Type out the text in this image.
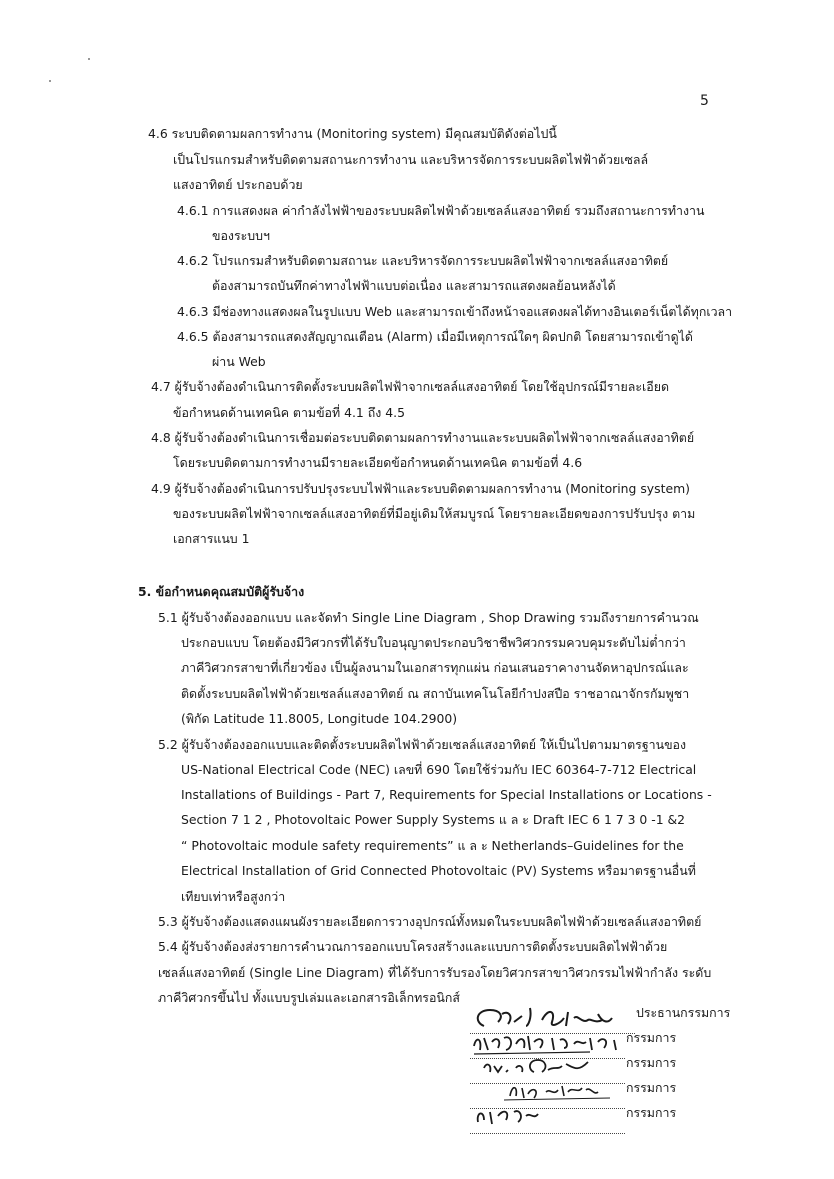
5
4.6 ระบบติดตามผลการทำงาน (Monitoring system) มีคุณสมบัติดังต่อไปนี้
เป็นโปรแกรมสำหรับติดตามสถานะการทำงาน และบริหารจัดการระบบผลิตไฟฟ้าด้วยเซลล์
แสงอาทิตย์ ประกอบด้วย
4.6.1 การแสดงผล ค่ากำลังไฟฟ้าของระบบผลิตไฟฟ้าด้วยเซลล์แสงอาทิตย์ รวมถึงสถานะการทำงาน
ของระบบฯ
4.6.2 โปรแกรมสำหรับติดตามสถานะ และบริหารจัดการระบบผลิตไฟฟ้าจากเซลล์แสงอาทิตย์
ต้องสามารถบันทึกค่าทางไฟฟ้าแบบต่อเนื่อง และสามารถแสดงผลย้อนหลังได้
4.6.3 มีช่องทางแสดงผลในรูปแบบ Web และสามารถเข้าถึงหน้าจอแสดงผลได้ทางอินเตอร์เน็ตได้ทุกเวลา
4.6.5 ต้องสามารถแสดงสัญญาณเตือน (Alarm) เมื่อมีเหตุการณ์ใดๆ ผิดปกติ โดยสามารถเข้าดูได้
ผ่าน Web
4.7 ผู้รับจ้างต้องดำเนินการติดตั้งระบบผลิตไฟฟ้าจากเซลล์แสงอาทิตย์ โดยใช้อุปกรณ์มีรายละเอียด
ข้อกำหนดด้านเทคนิค ตามข้อที่ 4.1 ถึง 4.5
4.8 ผู้รับจ้างต้องดำเนินการเชื่อมต่อระบบติดตามผลการทำงานและระบบผลิตไฟฟ้าจากเซลล์แสงอาทิตย์
โดยระบบติดตามการทำงานมีรายละเอียดข้อกำหนดด้านเทคนิค ตามข้อที่ 4.6
4.9 ผู้รับจ้างต้องดำเนินการปรับปรุงระบบไฟฟ้าและระบบติดตามผลการทำงาน (Monitoring system)
ของระบบผลิตไฟฟ้าจากเซลล์แสงอาทิตย์ที่มีอยู่เดิมให้สมบูรณ์ โดยรายละเอียดของการปรับปรุง ตาม
เอกสารแนบ 1
5. ข้อกำหนดคุณสมบัติผู้รับจ้าง
5.1 ผู้รับจ้างต้องออกแบบ และจัดทำ Single Line Diagram , Shop Drawing รวมถึงรายการคำนวณ
ประกอบแบบ โดยต้องมีวิศวกรที่ได้รับใบอนุญาตประกอบวิชาชีพวิศวกรรมควบคุมระดับไม่ต่ำกว่า
ภาคีวิศวกรสาขาที่เกี่ยวข้อง เป็นผู้ลงนามในเอกสารทุกแผ่น ก่อนเสนอราคางานจัดหาอุปกรณ์และ
ติดตั้งระบบผลิตไฟฟ้าด้วยเซลล์แสงอาทิตย์ ณ สถาบันเทคโนโลยีกำปงสปือ ราชอาณาจักรกัมพูชา
(พิกัด Latitude 11.8005, Longitude 104.2900)
5.2 ผู้รับจ้างต้องออกแบบและติดตั้งระบบผลิตไฟฟ้าด้วยเซลล์แสงอาทิตย์ ให้เป็นไปตามมาตรฐานของ
US-National Electrical Code (NEC) เลขที่ 690 โดยใช้ร่วมกับ IEC 60364-7-712 Electrical
Installations of Buildings - Part 7, Requirements for Special Installations or Locations -
Section 7 1 2 , Photovoltaic Power Supply Systems แ ล ะ Draft IEC 6 1 7 3 0 -1 &2
“ Photovoltaic module safety requirements” แ ล ะ Netherlands–Guidelines for the
Electrical Installation of Grid Connected Photovoltaic (PV) Systems หรือมาตรฐานอื่นที่
เทียบเท่าหรือสูงกว่า
5.3 ผู้รับจ้างต้องแสดงแผนผังรายละเอียดการวางอุปกรณ์ทั้งหมดในระบบผลิตไฟฟ้าด้วยเซลล์แสงอาทิตย์
5.4 ผู้รับจ้างต้องส่งรายการคำนวณการออกแบบโครงสร้างและแบบการติดตั้งระบบผลิตไฟฟ้าด้วย
เซลล์แสงอาทิตย์ (Single Line Diagram) ที่ได้รับการรับรองโดยวิศวกรสาขาวิศวกรรมไฟฟ้ากำลัง ระดับ
ภาคีวิศวกรขึ้นไป ทั้งแบบรูปเล่มและเอกสารอิเล็กทรอนิกส์
ประธานกรรมการ
กรรมการ
กรรมการ
กรรมการ
กรรมการ
